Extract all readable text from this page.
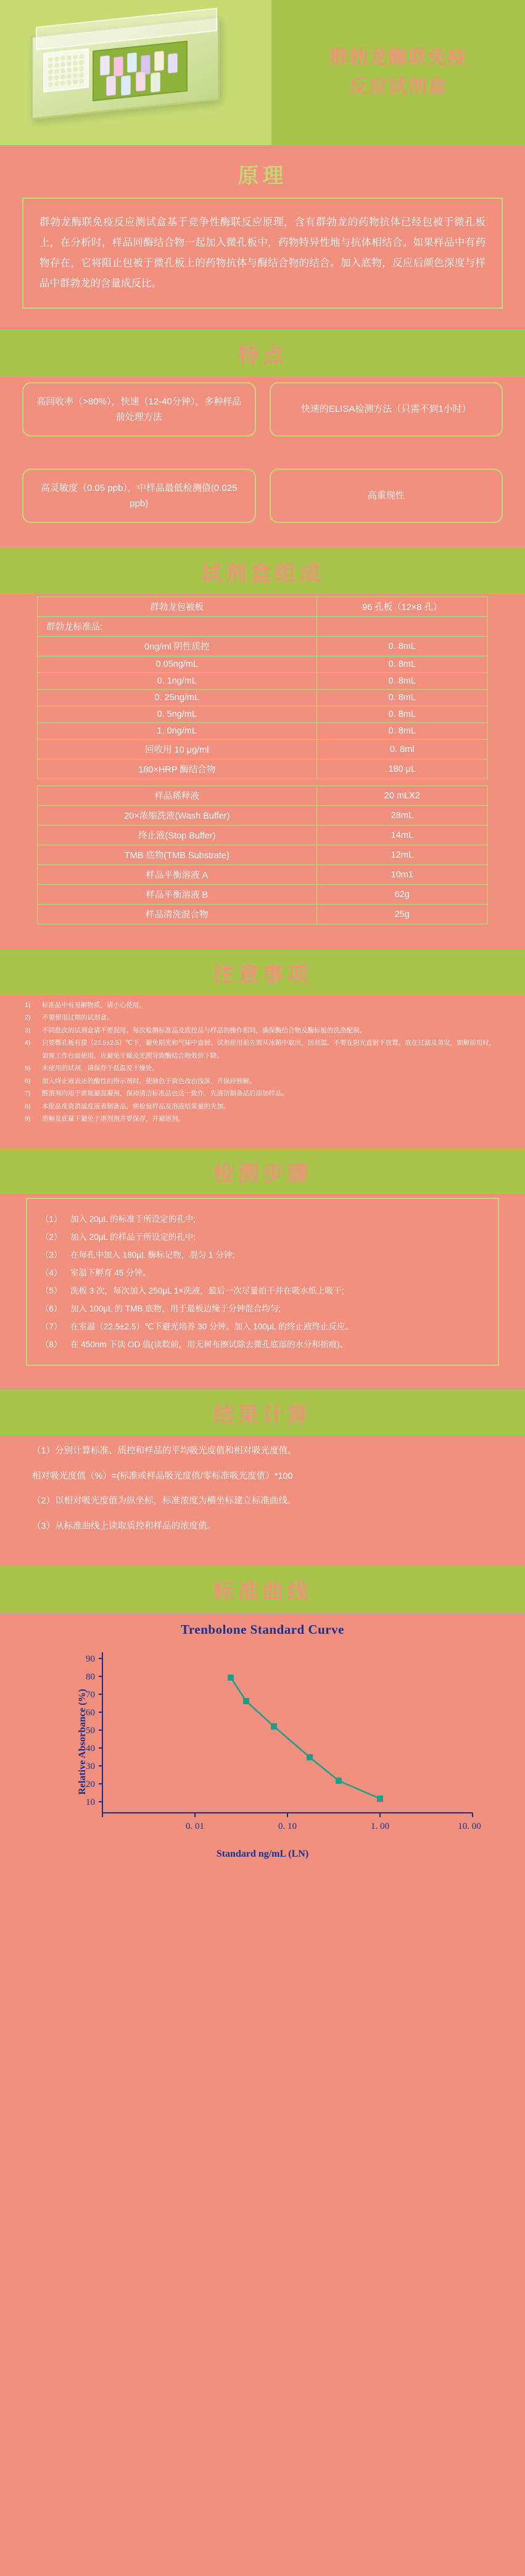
群勃龙酶联免疫
反应试剂盒
原理
群勃龙酶联免疫反应测试盒基于竞争性酶联反应原理，含有群勃龙的药物抗体已经包被于微孔板上，在分析时，样品同酶结合物一起加入微孔板中，药物特异性地与抗体相结合。如果样品中有药物存在，它将阻止包被于微孔板上的药物抗体与酶结合物的结合。加入底物，反应后颜色深度与样品中群勃龙的含量成反比。
特点
高回收率（>80%），快速（12-40分钟），多种样品前处理方法
快速的ELISA检测方法（只需不到1小时）
高灵敏度（0.05 ppb），中样品最低检测值(0.025 ppb)
高重现性
试剂盒组成
群勃龙包被板	96 孔板（12×8 孔）
群勃龙标准品:	
0ng/ml 阴性质控	0. 8mL
0.05ng/mL	0. 8mL
0. 1ng/mL	0. 8mL
0. 25ng/mL	0. 8mL
0. 5ng/mL	0. 8mL
1. 0ng/mL	0. 8mL
回收用 10 μg/ml	0. 8ml
180×HRP 酶结合物	180 μL

样品稀释液	20 mLX2
20×浓缩洗液(Wash Buffer)	28mL
终止液(Stop Buffer)	14mL
TMB 底物(TMB Substrate)	12mL
样品平衡溶液 A	10m1
样品平衡溶液 B	62g
样品清洗混合物	25g
注意事项
1)	标准品中有易解物质，请小心使用。
2)	不要使用过期的试剂盒。
3)	不同批次的试剂盒请不要混用。每次检测标准品及质控品与样品的操作相同，确保酶结合物及酶标板的洗涤配制。
4)	只要微孔板有接（22.5±2.5）℃下，避免阳光和气味中直射。试剂使用前先需从冰箱中取出，回到温。不要在阳光直射下放置。放在过滤及蒸发，如解前用时，如需工作台面使用，应避免干燥及光照导致酶结合物效价下降。
5)	未使用的试剂，请保存于低温及干燥处。
6)	加入终止液表述的酸性的指示剂时，使颜色于黄色改由浅深，并保持独解。
7)	醛溶剂均用于需规避混凝剂，保持清洁标准品也这一致作，先清洁制备品后添加样品。
8)	本批品度资消滤度液表制备品，需检验样品及溶液结果量的先加。
9)	溶解及底量下避免于溶剂剂并要保存，并避溶剂。
检测步骤
（1） 加入 20μL 的标准于所设定的孔中;
（2） 加入 20μL 的样品于所设定的孔中;
（3） 在每孔中加入 180μL 酶标记物，混匀 1 分钟;
（4） 室温下孵育 45 分钟。
（5） 洗板 3 次，每次加入 250μL 1×洗液，最后一次尽量拍干并在吸水纸上吸干;
（6） 加入 100μL 的 TMB 底物，用于最板边缘于分钟混合均匀;
（7） 在室温（22.5±2.5）℃下避光培养 30 分钟。加入 100μL 的终止液终止反应。
（8） 在 450nm 下读 OD 值(读数前，用无树布擦试除去微孔底部的水分和指痕)。
结果计算

（1）分别计算标准、质控和样品的平均吸光度值和相对吸光度值。

相对吸光度值（%）=(标准或样品吸光度值/零标准吸光度值）*100

（2）以相对吸光度值为纵坐标，标准浓度为横坐标建立标准曲线。

（3）从标准曲线上读取质控和样品的浓度值。

标准曲线
Trenbolone Standard Curve
Relative Absorbance (%)
10
20
30
40
50
60
70
80
90
0. 01	0. 10	1. 00	10. 00
Standard ng/mL (LN)
